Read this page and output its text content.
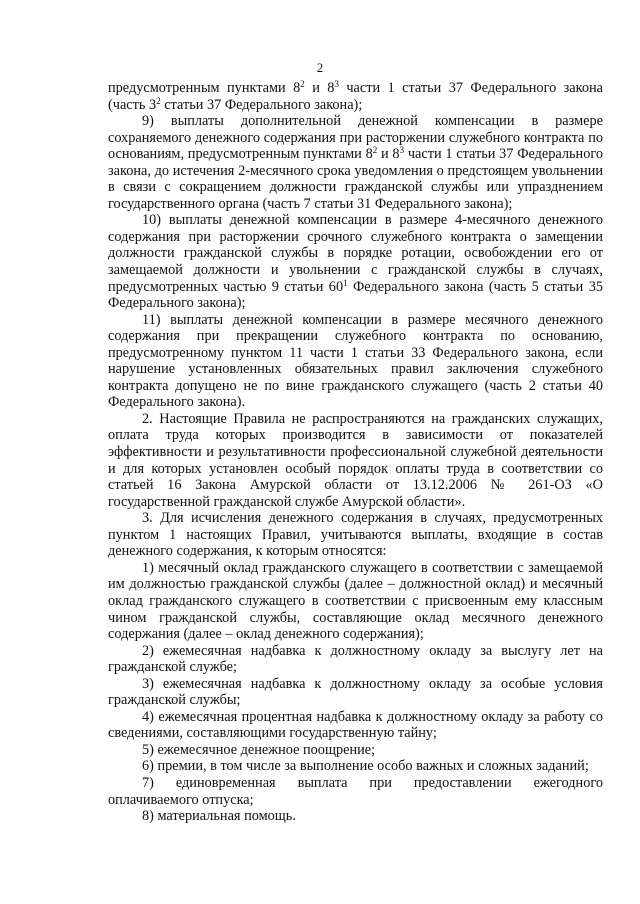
2

предусмотренным пунктами $8^2$ и $8^3$ части 1 статьи 37 Федерального закона (часть $3^2$ статьи 37 Федерального закона);

9) выплаты дополнительной денежной компенсации в размере сохраняемого денежного содержания при расторжении служебного контракта по основаниям, предусмотренным пунктами $8^2$ и $8^3$ части 1 статьи 37 Федерального закона, до истечения 2-месячного срока уведомления о предстоящем увольнении в связи с сокращением должности гражданской службы или упразднением государственного органа (часть 7 статьи 31 Федерального закона);

10) выплаты денежной компенсации в размере 4-месячного денежного содержания при расторжении срочного служебного контракта о замещении должности гражданской службы в порядке ротации, освобождении его от замещаемой должности и увольнении с гражданской службы в случаях, предусмотренных частью 9 статьи $60^1$ Федерального закона (часть 5 статьи 35 Федерального закона);

11) выплаты денежной компенсации в размере месячного денежного содержания при прекращении служебного контракта по основанию, предусмотренному пунктом 11 части 1 статьи 33 Федерального закона, если нарушение установленных обязательных правил заключения служебного контракта допущено не по вине гражданского служащего (часть 2 статьи 40 Федерального закона).

2. Настоящие Правила не распространяются на гражданских служащих, оплата труда которых производится в зависимости от показателей эффективности и результативности профессиональной служебной деятельности и для которых установлен особый порядок оплаты труда в соответствии со статьей 16 Закона Амурской области от 13.12.2006 № 261-ОЗ «О государственной гражданской службе Амурской области».

3. Для исчисления денежного содержания в случаях, предусмотренных пунктом 1 настоящих Правил, учитываются выплаты, входящие в состав денежного содержания, к которым относятся:

1) месячный оклад гражданского служащего в соответствии с замещаемой им должностью гражданской службы (далее – должностной оклад) и месячный оклад гражданского служащего в соответствии с присвоенным ему классным чином гражданской службы, составляющие оклад месячного денежного содержания (далее – оклад денежного содержания);

2) ежемесячная надбавка к должностному окладу за выслугу лет на гражданской службе;

3) ежемесячная надбавка к должностному окладу за особые условия гражданской службы;

4) ежемесячная процентная надбавка к должностному окладу за работу со сведениями, составляющими государственную тайну;

5) ежемесячное денежное поощрение;

6) премии, в том числе за выполнение особо важных и сложных заданий;

7) единовременная выплата при предоставлении ежегодного оплачиваемого отпуска;

8) материальная помощь.
